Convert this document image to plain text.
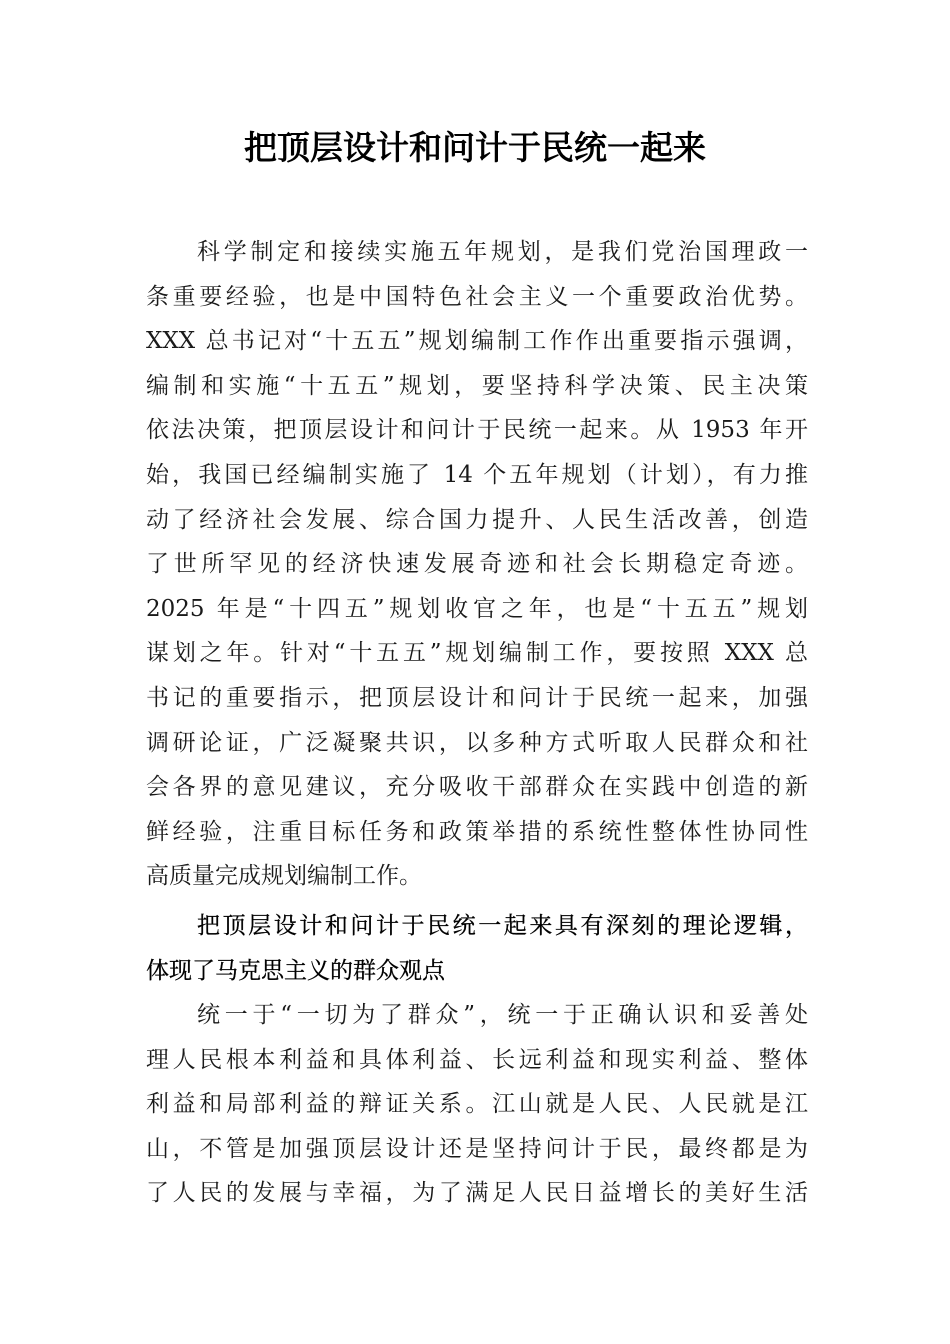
把顶层设计和问计于民统一起来
科学制定和接续实施五年规划，是我们党治国理政一
条重要经验，也是中国特色社会主义一个重要政治优势。
XXX 总书记对“十五五”规划编制工作作出重要指示强调，
编制和实施“十五五”规划，要坚持科学决策、民主决策
依法决策，把顶层设计和问计于民统一起来。从 1953 年开
始，我国已经编制实施了 14 个五年规划（计划），有力推
动了经济社会发展、综合国力提升、人民生活改善，创造
了世所罕见的经济快速发展奇迹和社会长期稳定奇迹。
2025 年是“十四五”规划收官之年，也是“十五五”规划
谋划之年。针对“十五五”规划编制工作，要按照 XXX 总
书记的重要指示，把顶层设计和问计于民统一起来，加强
调研论证，广泛凝聚共识，以多种方式听取人民群众和社
会各界的意见建议，充分吸收干部群众在实践中创造的新
鲜经验，注重目标任务和政策举措的系统性整体性协同性
高质量完成规划编制工作。
把顶层设计和问计于民统一起来具有深刻的理论逻辑，
体现了马克思主义的群众观点
统一于“一切为了群众”，统一于正确认识和妥善处
理人民根本利益和具体利益、长远利益和现实利益、整体
利益和局部利益的辩证关系。江山就是人民、人民就是江
山，不管是加强顶层设计还是坚持问计于民，最终都是为
了人民的发展与幸福，为了满足人民日益增长的美好生活
